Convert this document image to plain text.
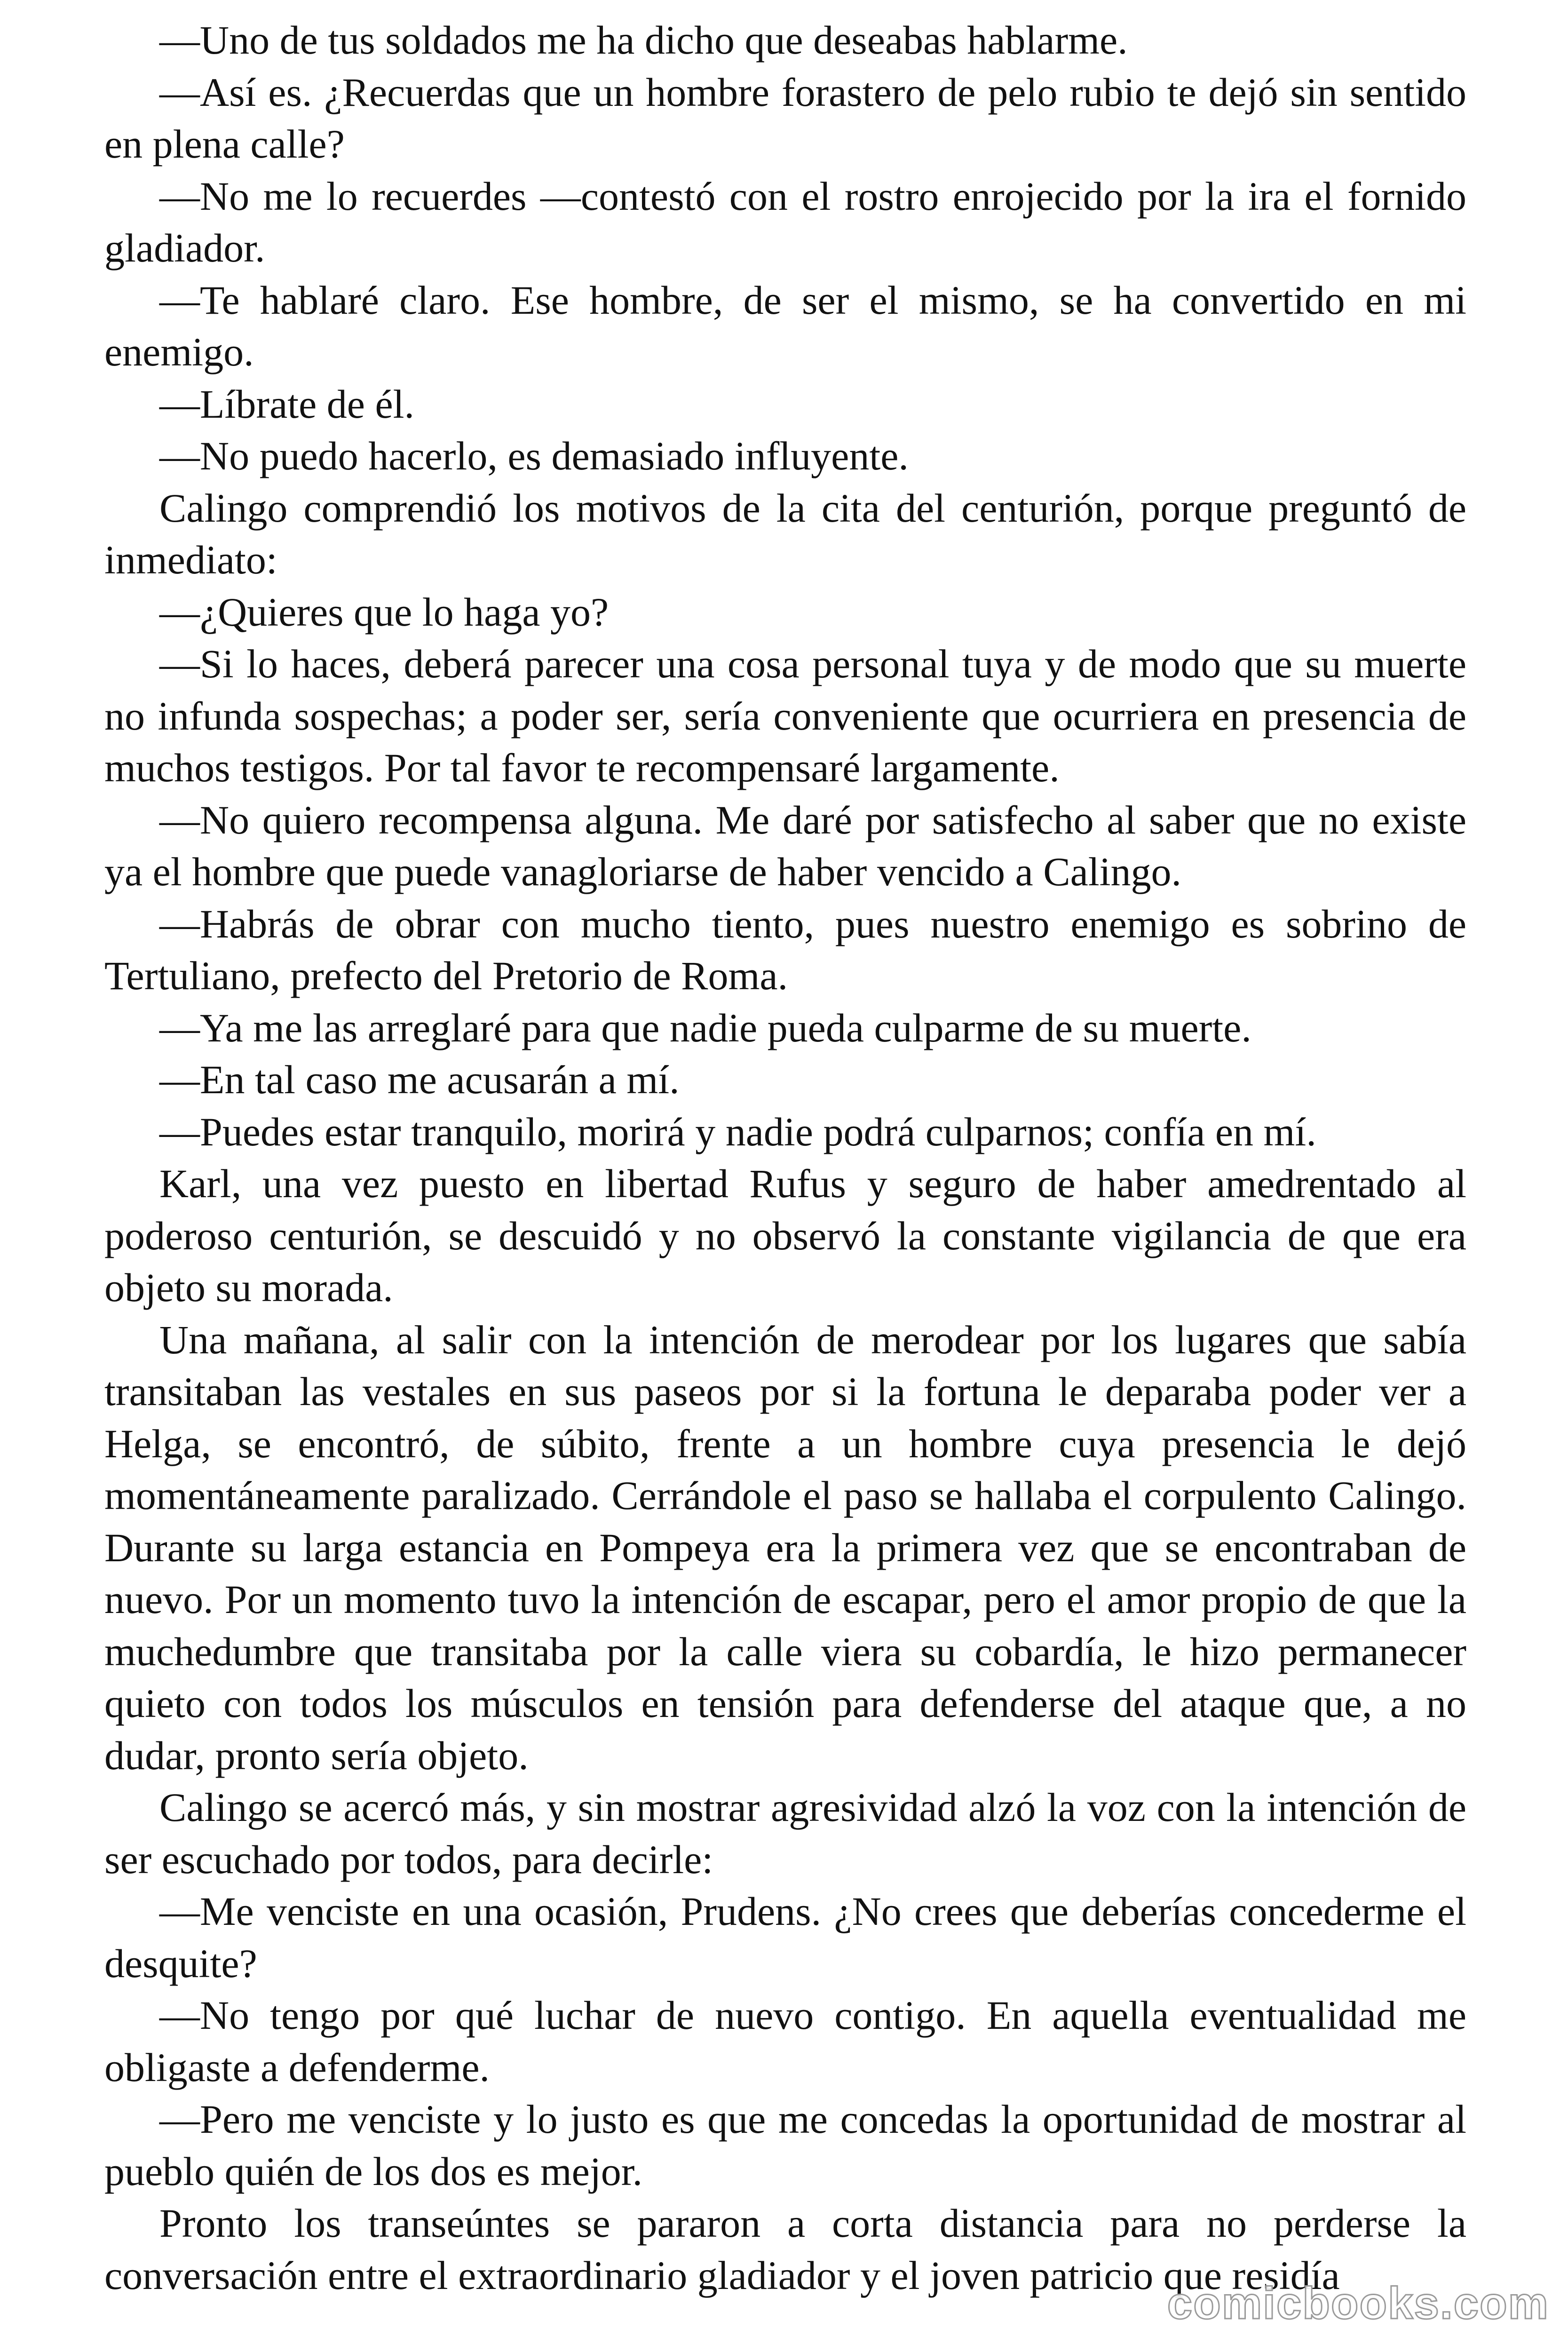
—Uno de tus soldados me ha dicho que deseabas hablarme.

—Así es. ¿Recuerdas que un hombre forastero de pelo rubio te dejó sin sentido en plena calle?

—No me lo recuerdes —contestó con el rostro enrojecido por la ira el fornido gladiador.

—Te hablaré claro. Ese hombre, de ser el mismo, se ha convertido en mi enemigo.

—Líbrate de él.

—No puedo hacerlo, es demasiado influyente.

Calingo comprendió los motivos de la cita del centurión, porque preguntó de inmediato:

—¿Quieres que lo haga yo?

—Si lo haces, deberá parecer una cosa personal tuya y de modo que su muerte no infunda sospechas; a poder ser, sería conveniente que ocurriera en presencia de muchos testigos. Por tal favor te recompensaré largamente.

—No quiero recompensa alguna. Me daré por satisfecho al saber que no existe ya el hombre que puede vanagloriarse de haber vencido a Calingo.

—Habrás de obrar con mucho tiento, pues nuestro enemigo es sobrino de Tertuliano, prefecto del Pretorio de Roma.

—Ya me las arreglaré para que nadie pueda culparme de su muerte.

—En tal caso me acusarán a mí.

—Puedes estar tranquilo, morirá y nadie podrá culparnos; confía en mí.

Karl, una vez puesto en libertad Rufus y seguro de haber amedrentado al poderoso centurión, se descuidó y no observó la constante vigilancia de que era objeto su morada.

Una mañana, al salir con la intención de merodear por los lugares que sabía transitaban las vestales en sus paseos por si la fortuna le deparaba poder ver a Helga, se encontró, de súbito, frente a un hombre cuya presencia le dejó momentáneamente paralizado. Cerrándole el paso se hallaba el corpulento Calingo. Durante su larga estancia en Pompeya era la primera vez que se encontraban de nuevo. Por un momento tuvo la intención de escapar, pero el amor propio de que la muchedumbre que transitaba por la calle viera su cobardía, le hizo permanecer quieto con todos los músculos en tensión para defenderse del ataque que, a no dudar, pronto sería objeto.

Calingo se acercó más, y sin mostrar agresividad alzó la voz con la intención de ser escuchado por todos, para decirle:

—Me venciste en una ocasión, Prudens. ¿No crees que deberías concederme el desquite?

—No tengo por qué luchar de nuevo contigo. En aquella eventualidad me obligaste a defenderme.

—Pero me venciste y lo justo es que me concedas la oportunidad de mostrar al pueblo quién de los dos es mejor.

Pronto los transeúntes se pararon a corta distancia para no perderse la conversación entre el extraordinario gladiador y el joven patricio que residía

comicbooks.com
